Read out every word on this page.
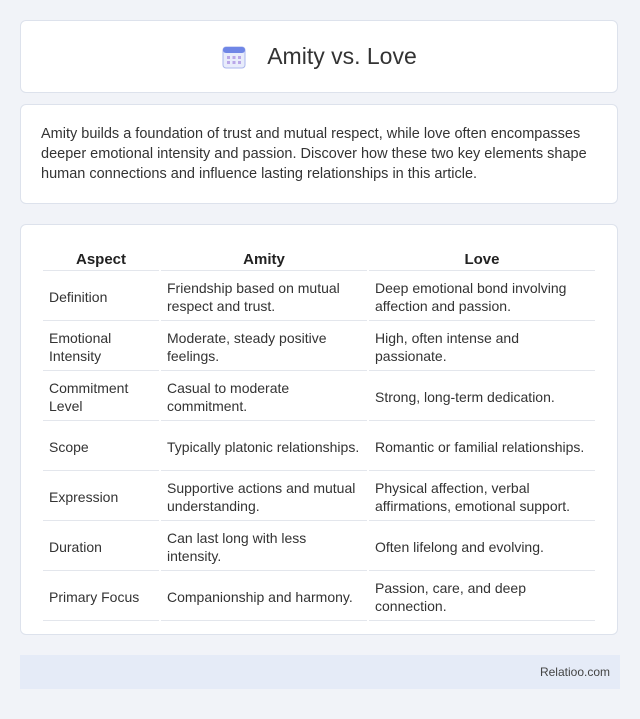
Amity vs. Love

Amity builds a foundation of trust and mutual respect, while love often encompasses deeper emotional intensity and passion. Discover how these two key elements shape human connections and influence lasting relationships in this article.

Aspect	Amity	Love
Definition	Friendship based on mutual respect and trust.	Deep emotional bond involving affection and passion.
Emotional Intensity	Moderate, steady positive feelings.	High, often intense and passionate.
Commitment Level	Casual to moderate commitment.	Strong, long-term dedication.
Scope	Typically platonic relationships.	Romantic or familial relationships.
Expression	Supportive actions and mutual understanding.	Physical affection, verbal affirmations, emotional support.
Duration	Can last long with less intensity.	Often lifelong and evolving.
Primary Focus	Companionship and harmony.	Passion, care, and deep connection.
Relatioo.com
